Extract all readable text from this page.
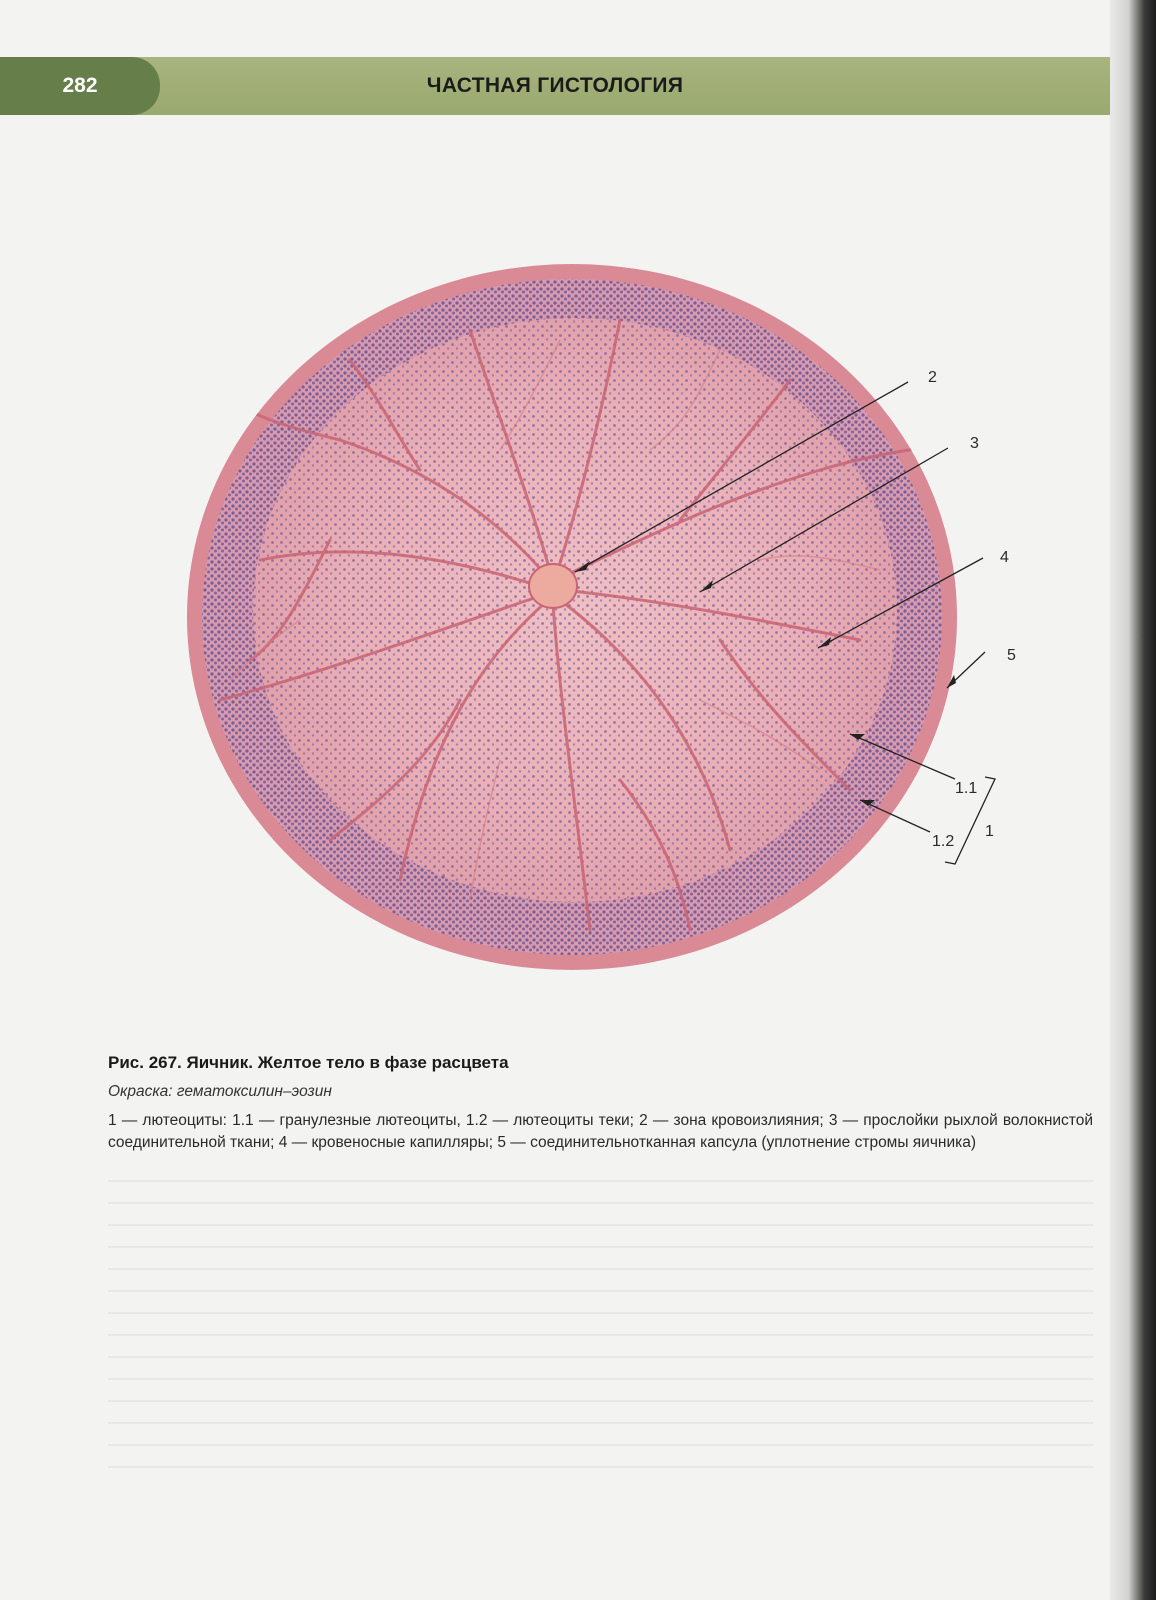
282	ЧАСТНАЯ ГИСТОЛОГИЯ
2
3
4
5
1.1
1.2
1
Рис. 267. Яичник. Желтое тело в фазе расцвета
Окраска: гематоксилин–эозин
1 — лютеоциты: 1.1 — гранулезные лютеоциты, 1.2 — лютеоциты теки; 2 — зона кровоизлияния; 3 — прослойки рыхлой волокнистой соединительной ткани; 4 — кровеносные капилляры; 5 — соединительнотканная капсула (уплотнение стромы яичника)
